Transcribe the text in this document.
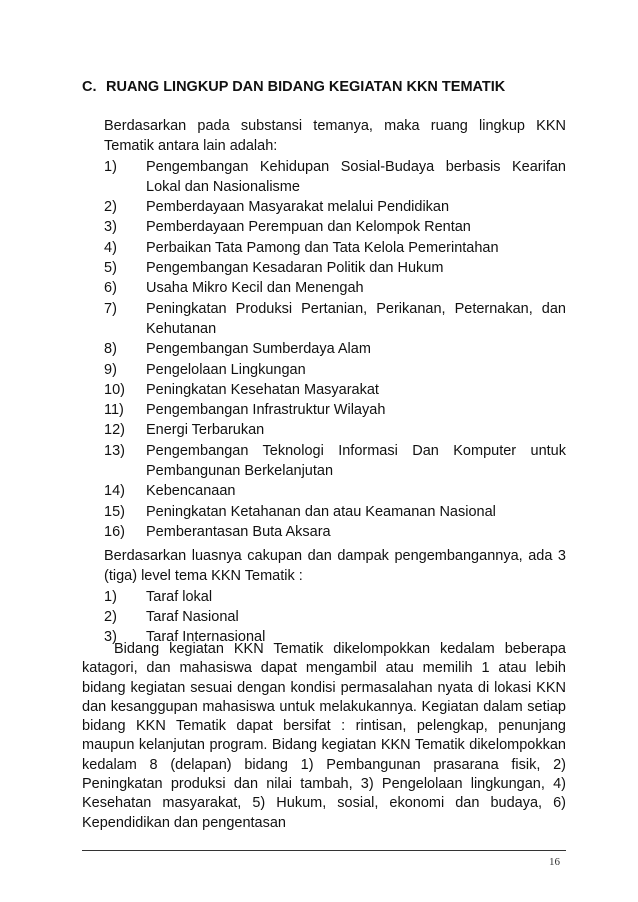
C. RUANG LINGKUP DAN BIDANG KEGIATAN KKN TEMATIK
Berdasarkan pada substansi temanya, maka ruang lingkup KKN Tematik antara lain adalah:
1)	Pengembangan Kehidupan Sosial-Budaya berbasis Kearifan Lokal dan Nasionalisme
2)	Pemberdayaan Masyarakat melalui Pendidikan
3)	Pemberdayaan Perempuan dan Kelompok Rentan
4)	Perbaikan Tata Pamong dan Tata Kelola Pemerintahan
5)	Pengembangan Kesadaran Politik dan Hukum
6)	Usaha Mikro Kecil dan Menengah
7)	Peningkatan Produksi Pertanian, Perikanan, Peternakan, dan Kehutanan
8)	Pengembangan Sumberdaya Alam
9)	Pengelolaan Lingkungan
10)	Peningkatan Kesehatan Masyarakat
11)	Pengembangan Infrastruktur Wilayah
12)	Energi Terbarukan
13)	Pengembangan Teknologi Informasi Dan Komputer untuk Pembangunan Berkelanjutan
14)	Kebencanaan
15)	Peningkatan Ketahanan dan atau Keamanan Nasional
16)	Pemberantasan Buta Aksara
Berdasarkan luasnya cakupan dan dampak pengembangannya, ada 3 (tiga) level tema KKN Tematik :
1)	Taraf lokal
2)	Taraf Nasional
3)	Taraf Internasional
Bidang kegiatan KKN Tematik dikelompokkan kedalam beberapa katagori, dan mahasiswa dapat mengambil atau memilih 1 atau lebih bidang kegiatan sesuai dengan kondisi permasalahan nyata di lokasi KKN dan kesanggupan mahasiswa untuk melakukannya. Kegiatan dalam setiap bidang KKN Tematik dapat bersifat : rintisan, pelengkap, penunjang maupun kelanjutan program. Bidang kegiatan KKN Tematik dikelompokkan kedalam 8 (delapan) bidang 1) Pembangunan prasarana fisik, 2) Peningkatan produksi dan nilai tambah, 3) Pengelolaan lingkungan, 4) Kesehatan masyarakat, 5) Hukum, sosial, ekonomi dan budaya, 6) Kependidikan dan pengentasan
16
